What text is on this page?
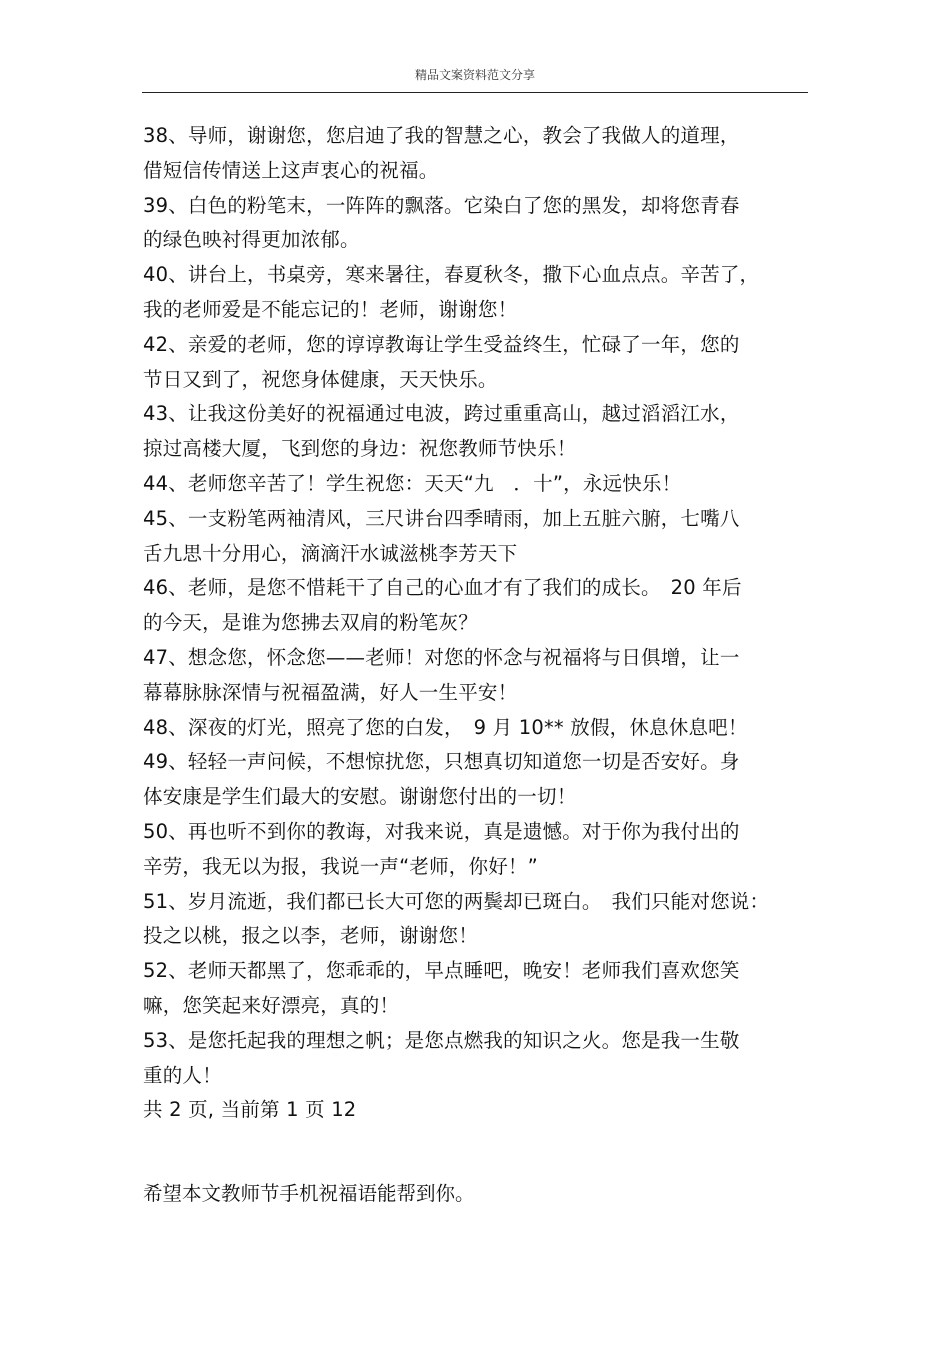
精品文案资料范文分享
38、导师，谢谢您，您启迪了我的智慧之心，教会了我做人的道理，
借短信传情送上这声衷心的祝福。
39、白色的粉笔末，一阵阵的飘落。它染白了您的黑发，却将您青春
的绿色映衬得更加浓郁。
40、讲台上，书桌旁，寒来暑往，春夏秋冬，撒下心血点点。辛苦了，
我的老师爱是不能忘记的！老师，谢谢您！
42、亲爱的老师，您的谆谆教诲让学生受益终生，忙碌了一年，您的
节日又到了，祝您身体健康，天天快乐。
43、让我这份美好的祝福通过电波，跨过重重高山，越过滔滔江水，
掠过高楼大厦，飞到您的身边：祝您教师节快乐！
44、老师您辛苦了！学生祝您：天天“九　．十”，永远快乐！
45、一支粉笔两袖清风，三尺讲台四季晴雨，加上五脏六腑，七嘴八
舌九思十分用心，滴滴汗水诚滋桃李芳天下
46、老师，是您不惜耗干了自己的心血才有了我们的成长。　20 年后
的今天，是谁为您拂去双肩的粉笔灰？
47、想念您，怀念您——老师！对您的怀念与祝福将与日俱增，让一
幕幕脉脉深情与祝福盈满，好人一生平安！
48、深夜的灯光，照亮了您的白发，　9 月 10** 放假，休息休息吧！
49、轻轻一声问候，不想惊扰您，只想真切知道您一切是否安好。身
体安康是学生们最大的安慰。谢谢您付出的一切！
50、再也听不到你的教诲，对我来说，真是遗憾。对于你为我付出的
辛劳，我无以为报，我说一声“老师，你好！”
51、岁月流逝，我们都已长大可您的两鬓却已斑白。　我们只能对您说：
投之以桃，报之以李，老师，谢谢您！
52、老师天都黑了，您乖乖的，早点睡吧，晚安！老师我们喜欢您笑
嘛，您笑起来好漂亮，真的！
53、是您托起我的理想之帆；是您点燃我的知识之火。您是我一生敬
重的人！
共 2 页, 当前第 1 页 12
希望本文教师节手机祝福语能帮到你。
